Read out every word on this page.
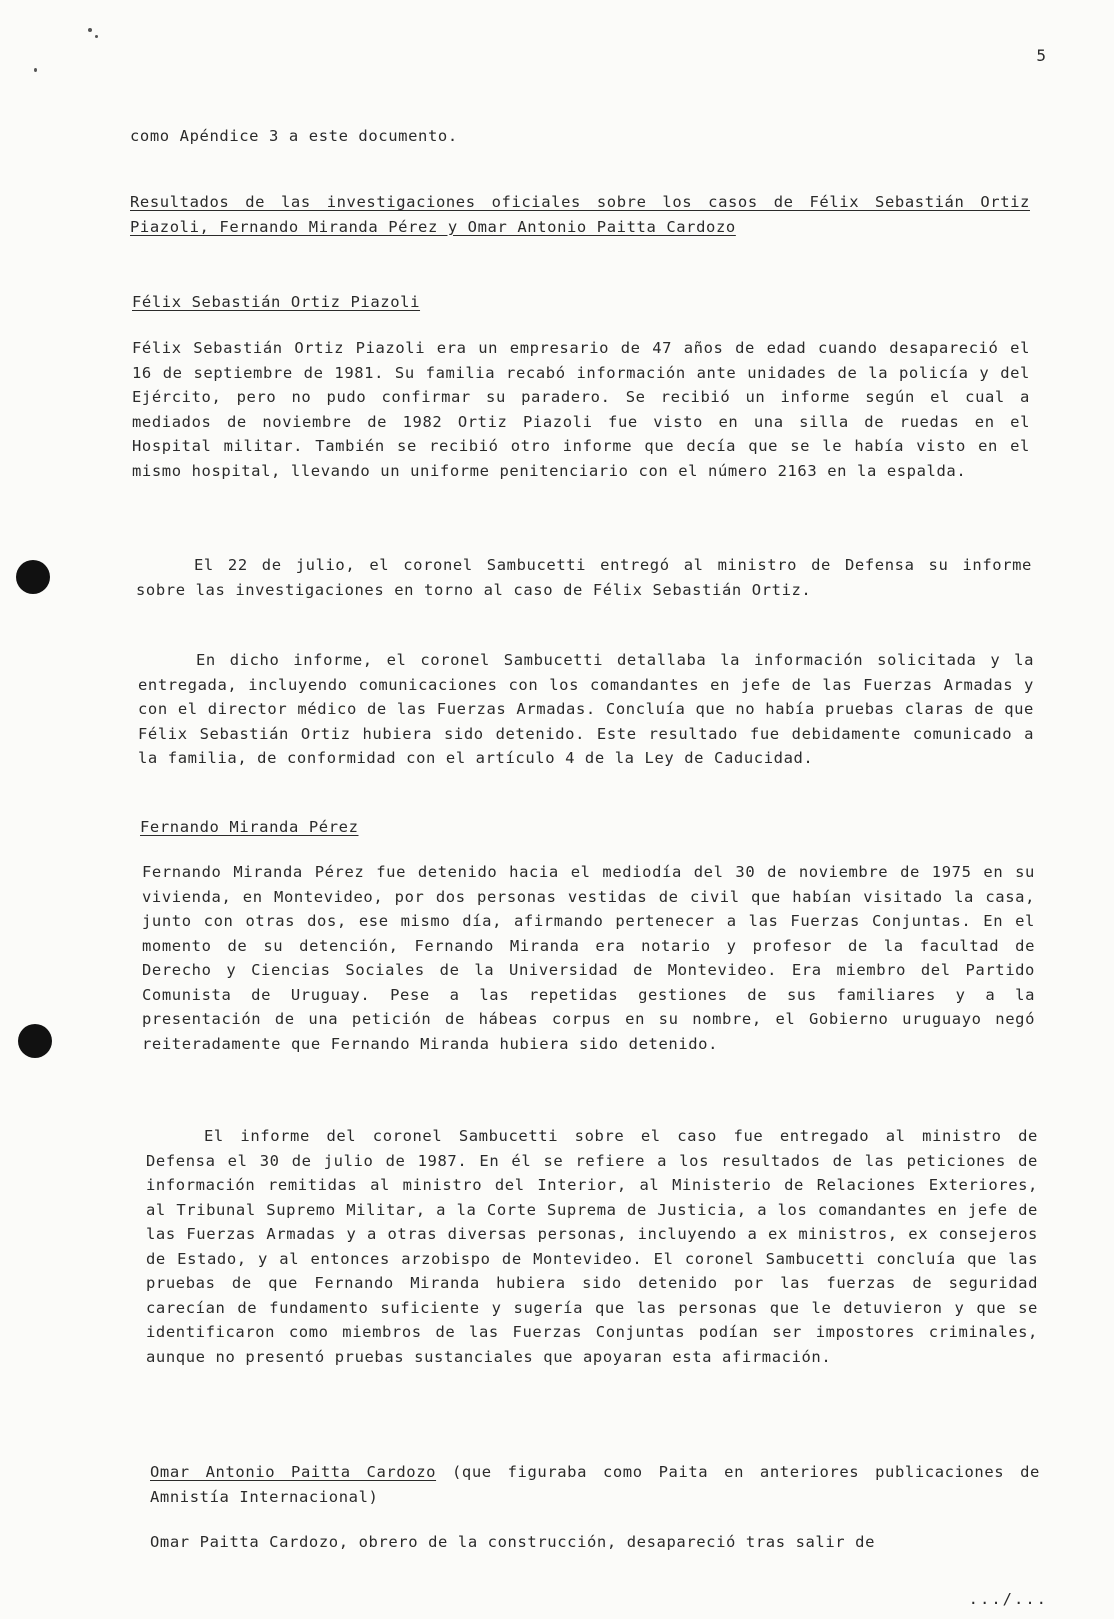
5
como Apéndice 3 a este documento.
Resultados de las investigaciones oficiales sobre los casos de Félix Sebastián Ortiz Piazoli, Fernando Miranda Pérez y Omar Antonio Paitta Cardozo
Félix Sebastián Ortiz Piazoli
Félix Sebastián Ortiz Piazoli era un empresario de 47 años de edad cuando desapareció el 16 de septiembre de 1981. Su familia recabó información ante unidades de la policía y del Ejército, pero no pudo confirmar su paradero. Se recibió un informe según el cual a mediados de noviembre de 1982 Ortiz Piazoli fue visto en una silla de ruedas en el Hospital militar. También se recibió otro informe que decía que se le había visto en el mismo hospital, llevando un uniforme penitenciario con el número 2163 en la espalda.
El 22 de julio, el coronel Sambucetti entregó al ministro de Defensa su informe sobre las investigaciones en torno al caso de Félix Sebastián Ortiz.
En dicho informe, el coronel Sambucetti detallaba la información solicitada y la entregada, incluyendo comunicaciones con los comandantes en jefe de las Fuerzas Armadas y con el director médico de las Fuerzas Armadas. Concluía que no había pruebas claras de que Félix Sebastián Ortiz hubiera sido detenido. Este resultado fue debidamente comunicado a la familia, de conformidad con el artículo 4 de la Ley de Caducidad.
Fernando Miranda Pérez
Fernando Miranda Pérez fue detenido hacia el mediodía del 30 de noviembre de 1975 en su vivienda, en Montevideo, por dos personas vestidas de civil que habían visitado la casa, junto con otras dos, ese mismo día, afirmando pertenecer a las Fuerzas Conjuntas. En el momento de su detención, Fernando Miranda era notario y profesor de la facultad de Derecho y Ciencias Sociales de la Universidad de Montevideo. Era miembro del Partido Comunista de Uruguay. Pese a las repetidas gestiones de sus familiares y a la presentación de una petición de hábeas corpus en su nombre, el Gobierno uruguayo negó reiteradamente que Fernando Miranda hubiera sido detenido.
El informe del coronel Sambucetti sobre el caso fue entregado al ministro de Defensa el 30 de julio de 1987. En él se refiere a los resultados de las peticiones de información remitidas al ministro del Interior, al Ministerio de Relaciones Exteriores, al Tribunal Supremo Militar, a la Corte Suprema de Justicia, a los comandantes en jefe de las Fuerzas Armadas y a otras diversas personas, incluyendo a ex ministros, ex consejeros de Estado, y al entonces arzobispo de Montevideo. El coronel Sambucetti concluía que las pruebas de que Fernando Miranda hubiera sido detenido por las fuerzas de seguridad carecían de fundamento suficiente y sugería que las personas que le detuvieron y que se identificaron como miembros de las Fuerzas Conjuntas podían ser impostores criminales, aunque no presentó pruebas sustanciales que apoyaran esta afirmación.
Omar Antonio Paitta Cardozo (que figuraba como Paita en anteriores publicaciones de Amnistía Internacional)
Omar Paitta Cardozo, obrero de la construcción, desapareció tras salir de
.../...
